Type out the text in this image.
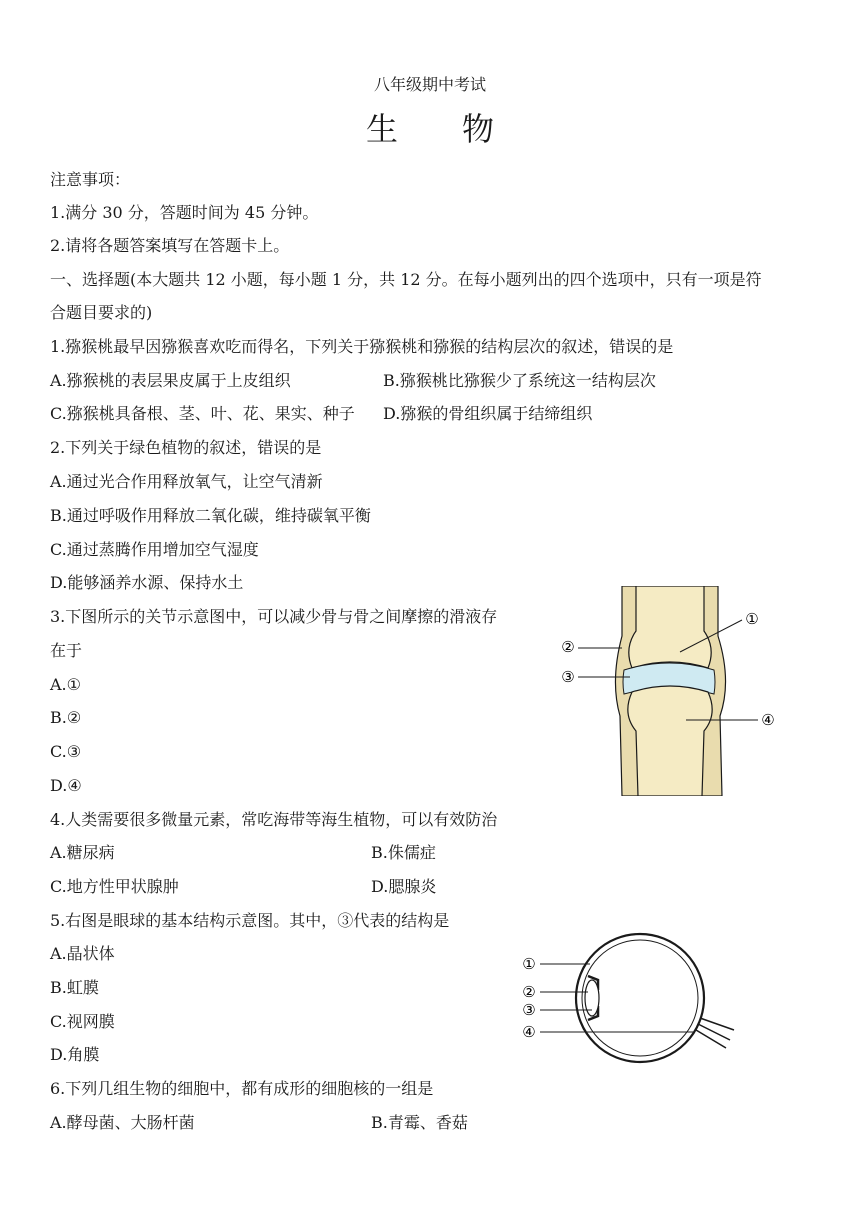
八年级期中考试
生物
注意事项：
1.满分 30 分，答题时间为 45 分钟。
2.请将各题答案填写在答题卡上。
一、选择题(本大题共 12 小题，每小题 1 分，共 12 分。在每小题列出的四个选项中，只有一项是符
合题目要求的)
1.猕猴桃最早因猕猴喜欢吃而得名，下列关于猕猴桃和猕猴的结构层次的叙述，错误的是
A.猕猴桃的表层果皮属于上皮组织	B.猕猴桃比猕猴少了系统这一结构层次
C.猕猴桃具备根、茎、叶、花、果实、种子 D.猕猴的骨组织属于结缔组织
2.下列关于绿色植物的叙述，错误的是
A.通过光合作用释放氧气，让空气清新
B.通过呼吸作用释放二氧化碳，维持碳氧平衡
C.通过蒸腾作用增加空气湿度
D.能够涵养水源、保持水土
3.下图所示的关节示意图中，可以减少骨与骨之间摩擦的滑液存
在于
A.①
B.②
C.③
D.④
①
②
③
④
4.人类需要很多微量元素，常吃海带等海生植物，可以有效防治
A.糖尿病	B.侏儒症
C.地方性甲状腺肿	D.腮腺炎
5.右图是眼球的基本结构示意图。其中，③代表的结构是
A.晶状体
B.虹膜
C.视网膜
D.角膜
①
②
③
④
6.下列几组生物的细胞中，都有成形的细胞核的一组是
A.酵母菌、大肠杆菌	B.青霉、香菇
